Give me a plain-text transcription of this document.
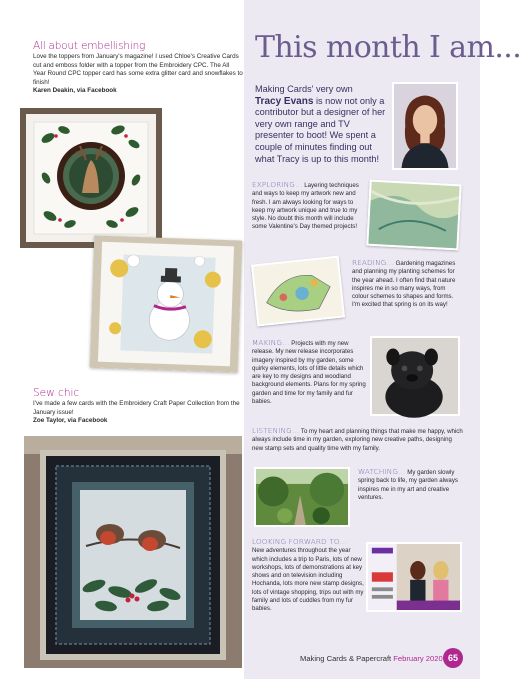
All about embellishing
Love the toppers from January's magazine! I used Chloe's Creative Cards cut and emboss folder with a topper from the Embroidery CPC. The All Year Round CPC topper card has some extra glitter card and snowflakes to finish!
Karen Deakin, via Facebook
Sew chic
I've made a few cards with the Embroidery Craft Paper Collection from the January issue!
Zoe Taylor, via Facebook
This month I am...
Making Cards' very own
Tracy Evans is now not only a contributor but a designer of her very own range and TV presenter to boot! We spent a couple of minutes finding out what Tracy is up to this month!
EXPLORING... Layering techniques and ways to keep my artwork new and fresh. I am always looking for ways to keep my artwork unique and true to my style. No doubt this month will include some Valentine's Day themed projects!
READING... Gardening magazines and planning my planting schemes for the year ahead. I often find that nature inspires me in so many ways, from colour schemes to shapes and forms. I'm excited that spring is on its way!
MAKING... Projects with my new release. My new release incorporates imagery inspired by my garden, some quirky elements, lots of little details which are key to my designs and woodland background elements. Plans for my spring garden and time for my family and fur babies.
LISTENING... To my heart and planning things that make me happy, which always include time in my garden, exploring new creative paths, designing new stamp sets and quality time with my family.
WATCHING... My garden slowly spring back to life, my garden always inspires me in my art and creative ventures.
LOOKING FORWARD TO...
New adventures throughout the year which includes a trip to Paris, lots of new workshops, lots of demonstrations at key shows and on television including Hochanda, lots more new stamp designs, lots of vintage shopping, trips out with my family and lots of cuddles from my fur babies.
Making Cards & Papercraft February 2020 65
